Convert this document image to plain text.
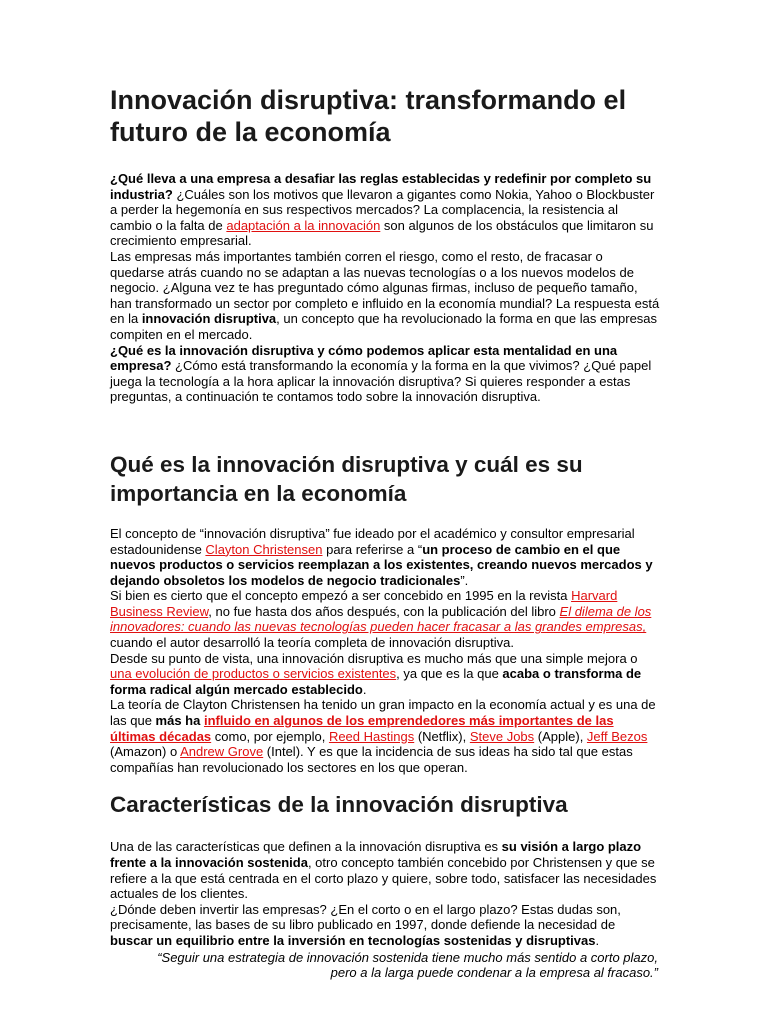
Innovación disruptiva: transformando el futuro de la economía

¿Qué lleva a una empresa a desafiar las reglas establecidas y redefinir por completo su industria? ¿Cuáles son los motivos que llevaron a gigantes como Nokia, Yahoo o Blockbuster a perder la hegemonía en sus respectivos mercados? La complacencia, la resistencia al cambio o la falta de adaptación a la innovación son algunos de los obstáculos que limitaron su crecimiento empresarial.

Las empresas más importantes también corren el riesgo, como el resto, de fracasar o quedarse atrás cuando no se adaptan a las nuevas tecnologías o a los nuevos modelos de negocio. ¿Alguna vez te has preguntado cómo algunas firmas, incluso de pequeño tamaño, han transformado un sector por completo e influido en la economía mundial? La respuesta está en la innovación disruptiva, un concepto que ha revolucionado la forma en que las empresas compiten en el mercado.

¿Qué es la innovación disruptiva y cómo podemos aplicar esta mentalidad en una empresa? ¿Cómo está transformando la economía y la forma en la que vivimos? ¿Qué papel juega la tecnología a la hora aplicar la innovación disruptiva? Si quieres responder a estas preguntas, a continuación te contamos todo sobre la innovación disruptiva.

Qué es la innovación disruptiva y cuál es su importancia en la economía

El concepto de “innovación disruptiva” fue ideado por el académico y consultor empresarial estadounidense Clayton Christensen para referirse a “un proceso de cambio en el que nuevos productos o servicios reemplazan a los existentes, creando nuevos mercados y dejando obsoletos los modelos de negocio tradicionales”.

Si bien es cierto que el concepto empezó a ser concebido en 1995 en la revista Harvard Business Review, no fue hasta dos años después, con la publicación del libro El dilema de los innovadores: cuando las nuevas tecnologías pueden hacer fracasar a las grandes empresas, cuando el autor desarrolló la teoría completa de innovación disruptiva.

Desde su punto de vista, una innovación disruptiva es mucho más que una simple mejora o una evolución de productos o servicios existentes, ya que es la que acaba o transforma de forma radical algún mercado establecido.

La teoría de Clayton Christensen ha tenido un gran impacto en la economía actual y es una de las que más ha influido en algunos de los emprendedores más importantes de las últimas décadas como, por ejemplo, Reed Hastings (Netflix), Steve Jobs (Apple), Jeff Bezos (Amazon) o Andrew Grove (Intel). Y es que la incidencia de sus ideas ha sido tal que estas compañías han revolucionado los sectores en los que operan.

Características de la innovación disruptiva

Una de las características que definen a la innovación disruptiva es su visión a largo plazo frente a la innovación sostenida, otro concepto también concebido por Christensen y que se refiere a la que está centrada en el corto plazo y quiere, sobre todo, satisfacer las necesidades actuales de los clientes.

¿Dónde deben invertir las empresas? ¿En el corto o en el largo plazo? Estas dudas son, precisamente, las bases de su libro publicado en 1997, donde defiende la necesidad de buscar un equilibrio entre la inversión en tecnologías sostenidas y disruptivas.

“Seguir una estrategia de innovación sostenida tiene mucho más sentido a corto plazo,
pero a la larga puede condenar a la empresa al fracaso.”
